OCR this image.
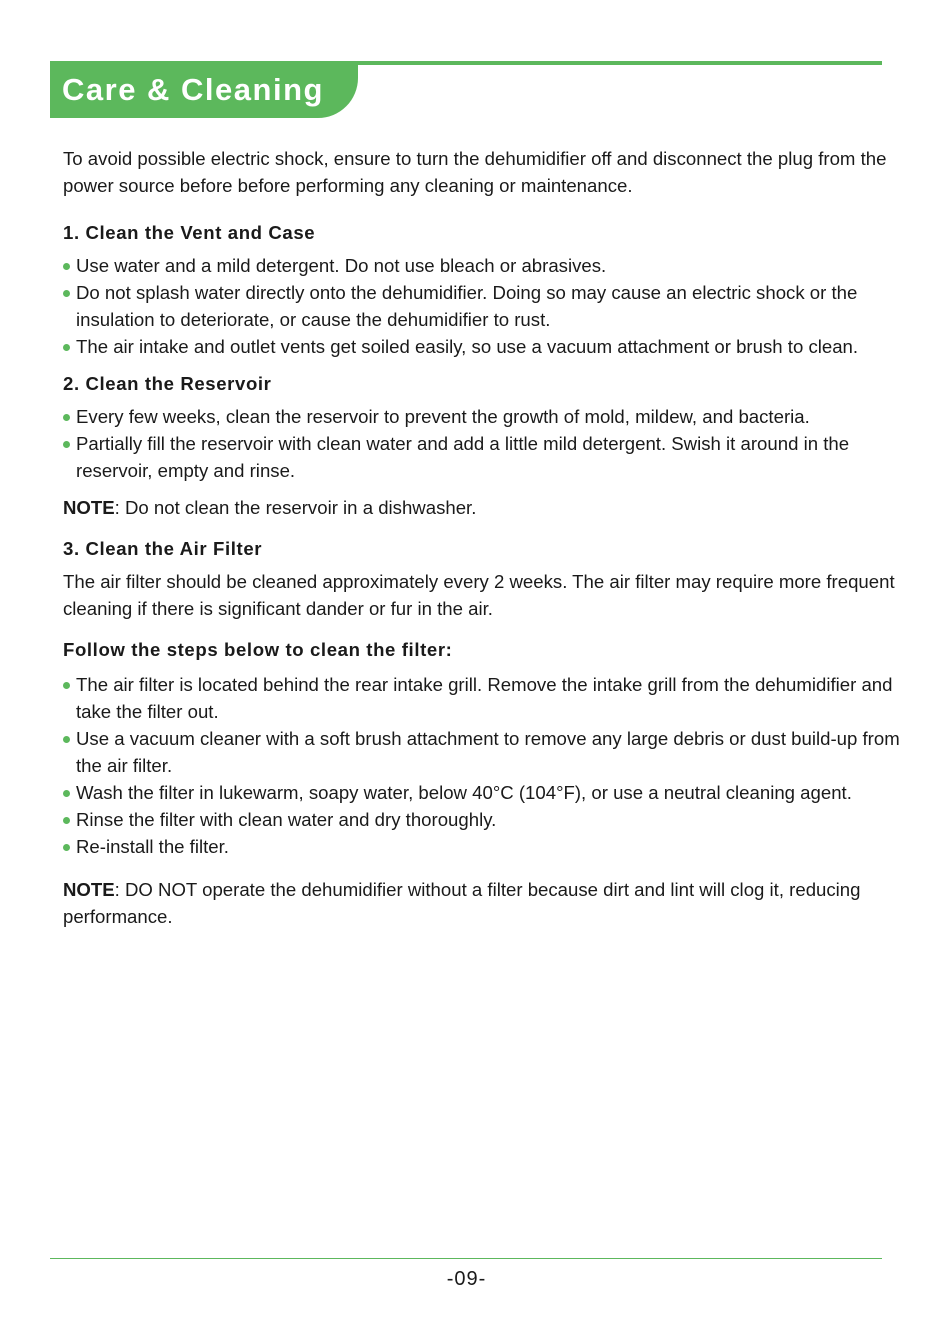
Care & Cleaning

To avoid possible electric shock, ensure to turn the dehumidifier off and disconnect the plug from the power source before before performing any cleaning or maintenance.

1. Clean the Vent and Case
Use water and a mild detergent. Do not use bleach or abrasives.
Do not splash water directly onto the dehumidifier. Doing so may cause an electric shock or the insulation to deteriorate, or cause the dehumidifier to rust.
The air intake and outlet vents get soiled easily, so use a vacuum attachment or brush to clean.
2. Clean the Reservoir
Every few weeks, clean the reservoir to prevent the growth of mold, mildew, and bacteria.
Partially fill the reservoir with clean water and add a little mild detergent. Swish it around in the reservoir, empty and rinse.

NOTE: Do not clean the reservoir in a dishwasher.

3. Clean the Air Filter

The air filter should be cleaned approximately every 2 weeks. The air filter may require more frequent cleaning if there is significant dander or fur in the air.

Follow the steps below to clean the filter:
The air filter is located behind the rear intake grill. Remove the intake grill from the dehumidifier and take the filter out.
Use a vacuum cleaner with a soft brush attachment to remove any large debris or dust build-up from the air filter.
Wash the filter in lukewarm, soapy water, below 40°C (104°F), or use a neutral cleaning agent.
Rinse the filter with clean water and dry thoroughly.
Re-install the filter.

NOTE: DO NOT operate the dehumidifier without a filter because dirt and lint will clog it, reducing performance.

-09-
